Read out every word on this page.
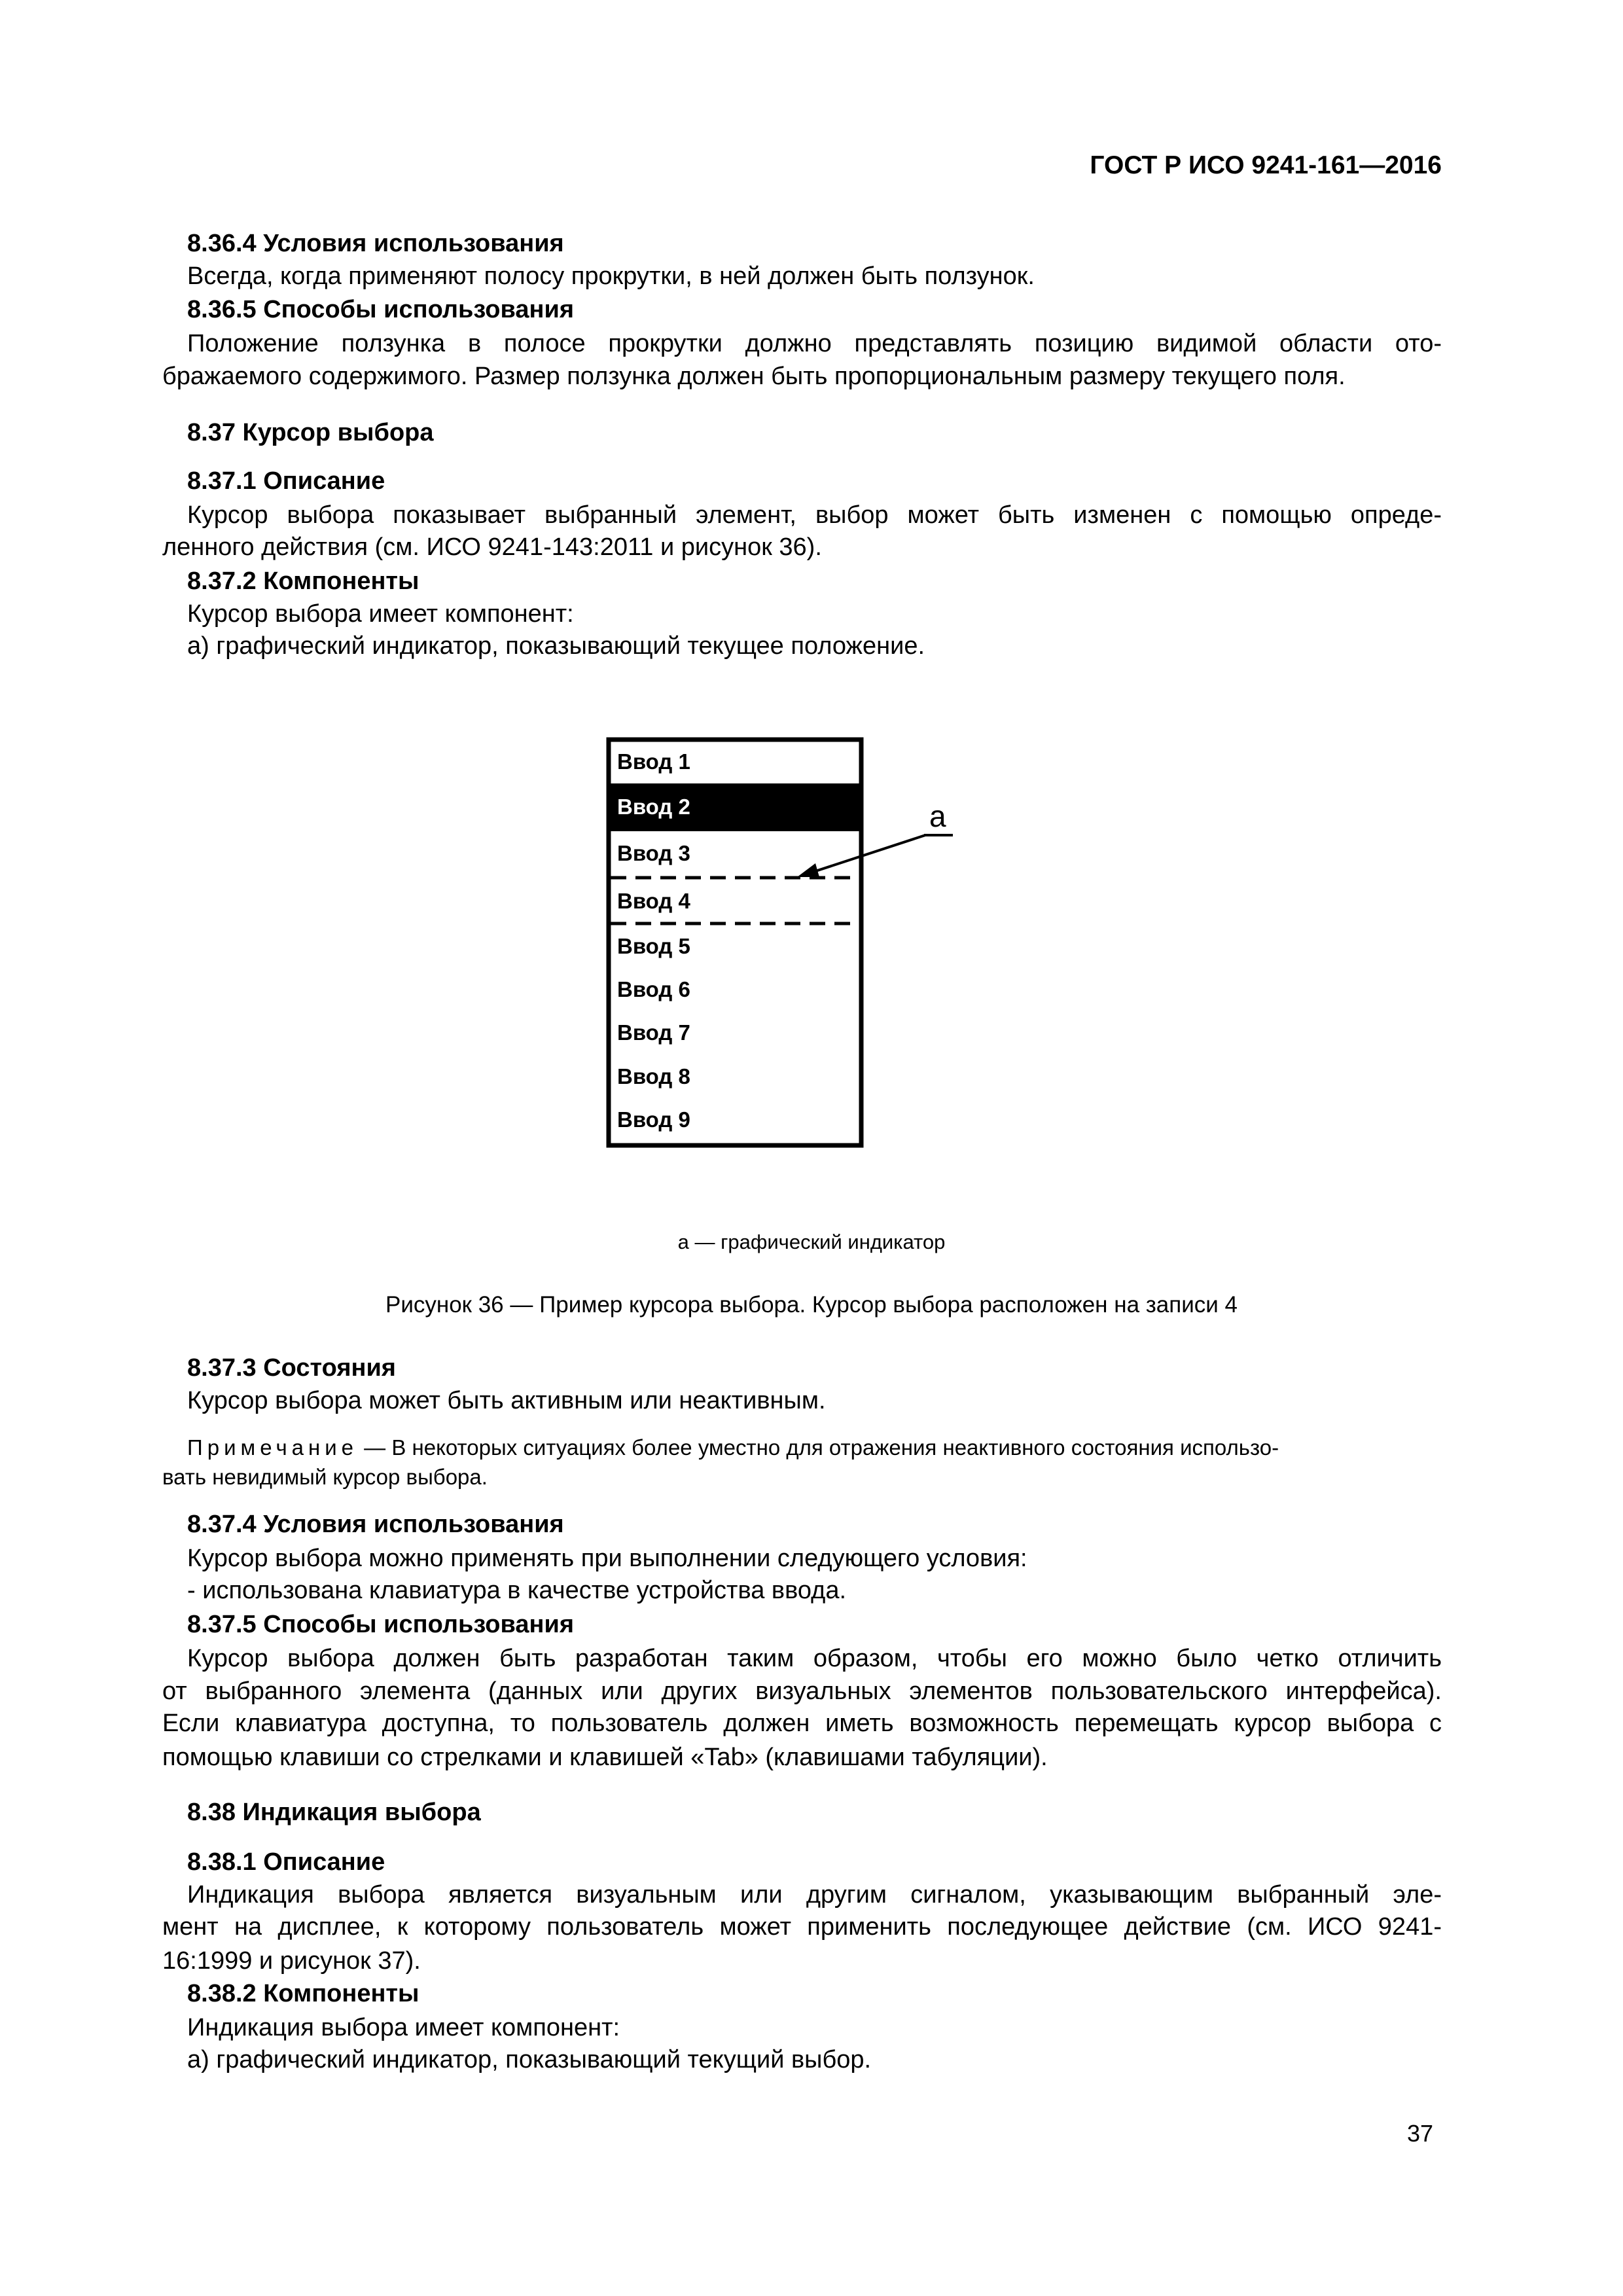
ГОСТ Р ИСО 9241-161—2016
8.36.4 Условия использования
Всегда, когда применяют полосу прокрутки, в ней должен быть ползунок.
8.36.5 Способы использования
Положение ползунка в полосе прокрутки должно представлять позицию видимой области ото-
бражаемого содержимого. Размер ползунка должен быть пропорциональным размеру текущего поля.
8.37 Курсор выбора
8.37.1 Описание
Курсор выбора показывает выбранный элемент, выбор может быть изменен с помощью опреде-
ленного действия (см. ИСО 9241-143:2011 и рисунок 36).
8.37.2 Компоненты
Курсор выбора имеет компонент:
а) графический индикатор, показывающий текущее положение.
Ввод 1
Ввод 2
Ввод 3
Ввод 4
Ввод 5
Ввод 6
Ввод 7
Ввод 8
Ввод 9
a
а — графический индикатор
Рисунок 36 — Пример курсора выбора. Курсор выбора расположен на записи 4
8.37.3 Состояния
Курсор выбора может быть активным или неактивным.
Примечание — В некоторых ситуациях более уместно для отражения неактивного состояния использо-
вать невидимый курсор выбора.
8.37.4 Условия использования
Курсор выбора можно применять при выполнении следующего условия:
- использована клавиатура в качестве устройства ввода.
8.37.5 Способы использования
Курсор выбора должен быть разработан таким образом, чтобы его можно было четко отличить
от выбранного элемента (данных или других визуальных элементов пользовательского интерфейса).
Если клавиатура доступна, то пользователь должен иметь возможность перемещать курсор выбора с
помощью клавиши со стрелками и клавишей «Tab» (клавишами табуляции).
8.38 Индикация выбора
8.38.1 Описание
Индикация выбора является визуальным или другим сигналом, указывающим выбранный эле-
мент на дисплее, к которому пользователь может применить последующее действие (см. ИСО 9241-
16:1999 и рисунок 37).
8.38.2 Компоненты
Индикация выбора имеет компонент:
а) графический индикатор, показывающий текущий выбор.
37
